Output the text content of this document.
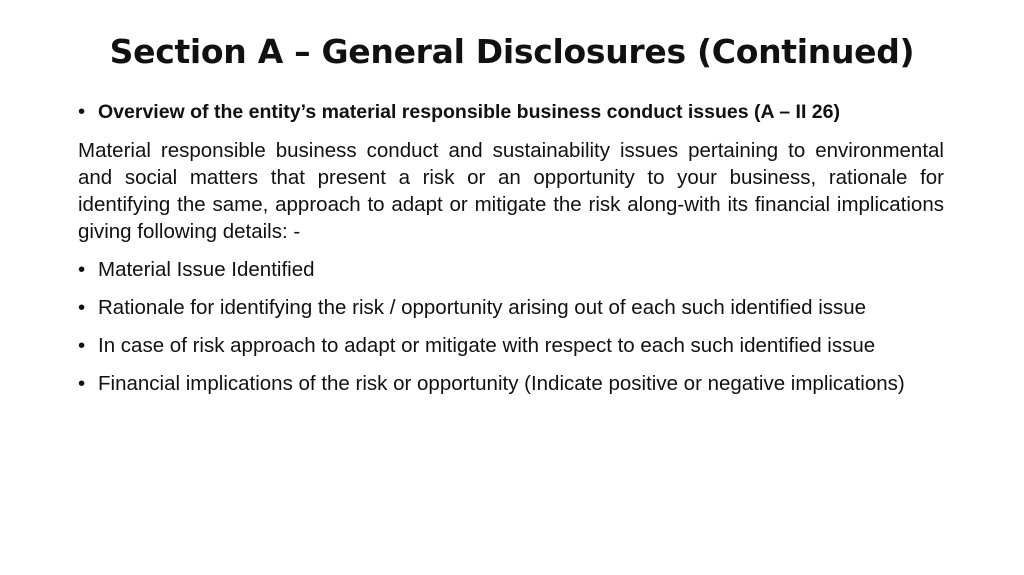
Section A – General Disclosures (Continued)
• Overview of the entity’s material responsible business conduct issues (A – II 26)
Material responsible business conduct and sustainability issues pertaining to environmental and social matters that present a risk or an opportunity to your business, rationale for identifying the same, approach to adapt or mitigate the risk along-with its financial implications giving following details: -
• Material Issue Identified
• Rationale for identifying the risk / opportunity arising out of each such identified issue
• In case of risk approach to adapt or mitigate with respect to each such identified issue
• Financial implications of the risk or opportunity (Indicate positive or negative implications)
